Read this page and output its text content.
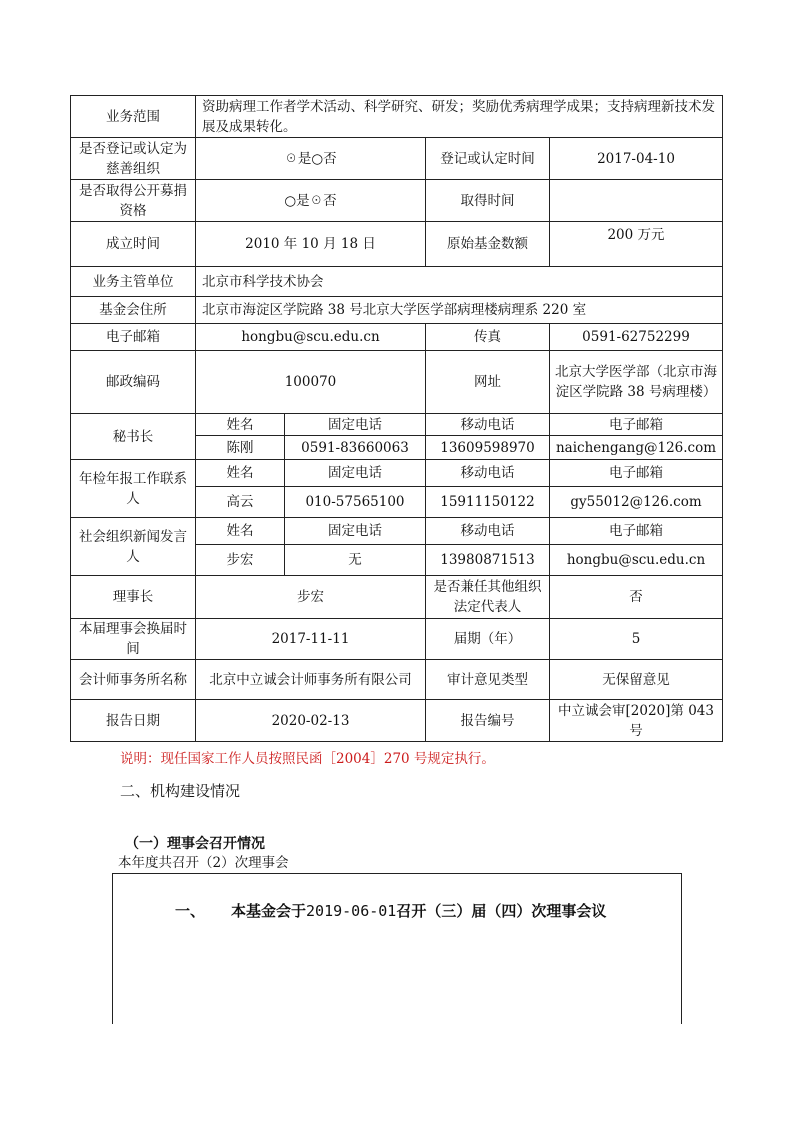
业务范围	资助病理工作者学术活动、科学研究、研发；奖励优秀病理学成果；支持病理新技术发展及成果转化。			
是否登记或认定为慈善组织	☉是○否		登记或认定时间	2017-04-10
是否取得公开募捐资格	○是☉否		取得时间	
成立时间	2010 年 10 月 18 日		原始基金数额	200 万元
业务主管单位	北京市科学技术协会			
基金会住所	北京市海淀区学院路 38 号北京大学医学部病理楼病理系 220 室			
电子邮箱	hongbu@scu.edu.cn		传真	0591-62752299
邮政编码	100070		网址	北京大学医学部（北京市海淀区学院路 38 号病理楼）
秘书长	姓名	固定电话	移动电话	电子邮箱
	陈刚	0591-83660063	13609598970	naichengang@126.com
年检年报工作联系人	姓名	固定电话	移动电话	电子邮箱
	高云	010-57565100	15911150122	gy55012@126.com
社会组织新闻发言人	姓名	固定电话	移动电话	电子邮箱
	步宏	无	13980871513	hongbu@scu.edu.cn
理事长	步宏		是否兼任其他组织法定代表人	否
本届理事会换届时间	2017-11-11		届期（年）	5
会计师事务所名称	北京中立诚会计师事务所有限公司		审计意见类型	无保留意见
报告日期	2020-02-13		报告编号	中立诚会审[2020]第 043 号
说明：现任国家工作人员按照民函［2004］270 号规定执行。
二、机构建设情况
（一）理事会召开情况
本年度共召开（2）次理事会
一、 本基金会于2019-06-01召开（三）届（四）次理事会议
